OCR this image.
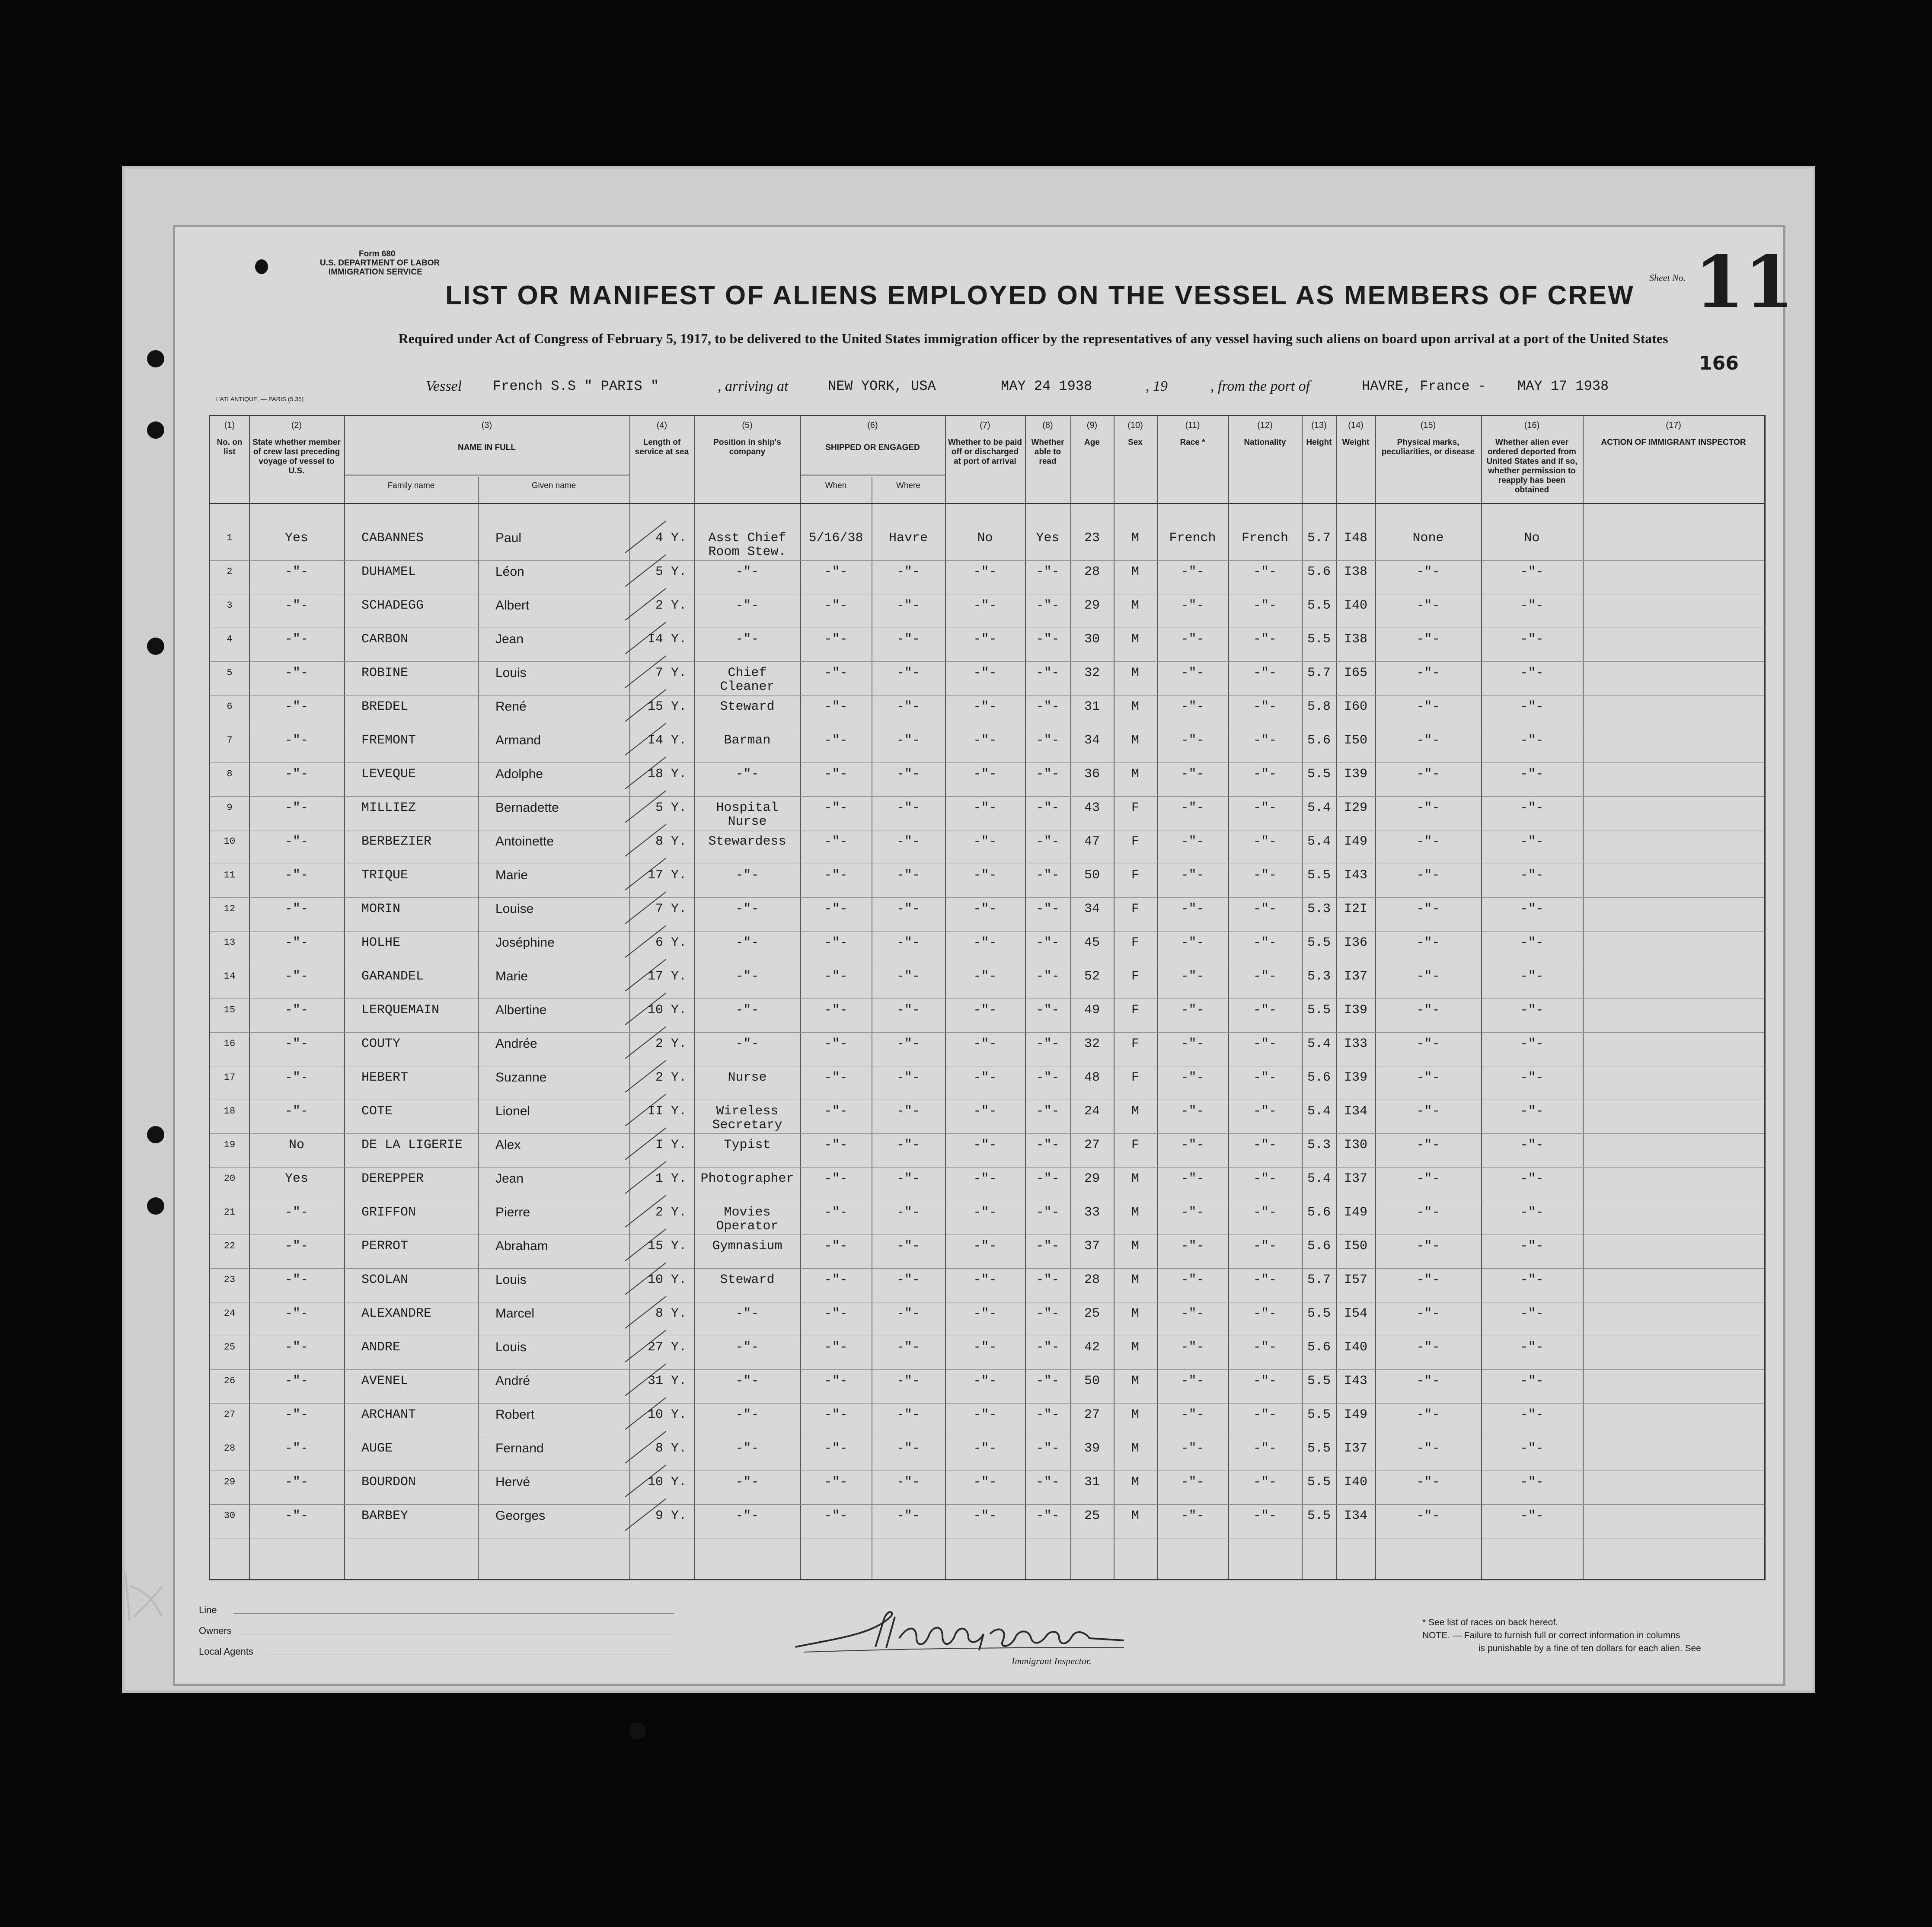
Form 680
U.S. DEPARTMENT OF LABOR
IMMIGRATION SERVICE
LIST OR MANIFEST OF ALIENS EMPLOYED ON THE VESSEL AS MEMBERS OF CREW
Required under Act of Congress of February 5, 1917, to be delivered to the United States immigration officer by the representatives of any vessel having such aliens on board upon arrival at a port of the United States
Sheet No. 11
166
Vessel French S.S " PARIS "	, arriving at	NEW YORK, USA	MAY 24 1938	, 19	, from the port of	HAVRE, France - MAY 17 1938
L'ATLANTIQUE. — PARIS (5.35)
(1)
No. on list
(2)
State whether member of crew last preceding voyage of vessel to U.S.
(3)
NAME IN FULL
Family name	Given name
(4)
Length of service at sea
(5)
Position in ship's company
(6)
SHIPPED OR ENGAGED
When	Where
(7)
Whether to be paid off or discharged at port of arrival
(8)
Whether able to read
(9)
Age
(10)
Sex
(11)
Race *
(12)
Nationality
(13)
Height
(14)
Weight
(15)
Physical marks, peculiarities, or disease
(16)
Whether alien ever ordered deported from United States and if so, whether permission to reapply has been obtained
(17)
ACTION OF IMMIGRANT INSPECTOR
1	Yes	CABANNES	Paul	4 Y.	Asst Chief	5/16/38	Havre	No	Yes	23	M	French	French	5.7	I48	None	No
Room Stew.
2	-"-	DUHAMEL	Léon	5 Y.	-"-	-"-	-"-	-"-	-"-	28	M	-"-	-"-	5.6	I38	-"-	-"-
3	-"-	SCHADEGG	Albert	2 Y.	-"-	-"-	-"-	-"-	-"-	29	M	-"-	-"-	5.5	I40	-"-	-"-
4	-"-	CARBON	Jean	I4 Y.	-"-	-"-	-"-	-"-	-"-	30	M	-"-	-"-	5.5	I38	-"-	-"-
5	-"-	ROBINE	Louis	7 Y.	Chief	-"-	-"-	-"-	-"-	32	M	-"-	-"-	5.7	I65	-"-	-"-
Cleaner
6	-"-	BREDEL	René	15 Y.	Steward	-"-	-"-	-"-	-"-	31	M	-"-	-"-	5.8	I60	-"-	-"-
7	-"-	FREMONT	Armand	I4 Y.	Barman	-"-	-"-	-"-	-"-	34	M	-"-	-"-	5.6	I50	-"-	-"-
8	-"-	LEVEQUE	Adolphe	18 Y.	-"-	-"-	-"-	-"-	-"-	36	M	-"-	-"-	5.5	I39	-"-	-"-
9	-"-	MILLIEZ	Bernadette	5 Y.	Hospital	-"-	-"-	-"-	-"-	43	F	-"-	-"-	5.4	I29	-"-	-"-
Nurse
10	-"-	BERBEZIER	Antoinette	8 Y.	Stewardess	-"-	-"-	-"-	-"-	47	F	-"-	-"-	5.4	I49	-"-	-"-
11	-"-	TRIQUE	Marie	17 Y.	-"-	-"-	-"-	-"-	-"-	50	F	-"-	-"-	5.5	I43	-"-	-"-
12	-"-	MORIN	Louise	7 Y.	-"-	-"-	-"-	-"-	-"-	34	F	-"-	-"-	5.3	I2I	-"-	-"-
13	-"-	HOLHE	Joséphine	6 Y.	-"-	-"-	-"-	-"-	-"-	45	F	-"-	-"-	5.5	I36	-"-	-"-
14	-"-	GARANDEL	Marie	17 Y.	-"-	-"-	-"-	-"-	-"-	52	F	-"-	-"-	5.3	I37	-"-	-"-
15	-"-	LERQUEMAIN	Albertine	10 Y.	-"-	-"-	-"-	-"-	-"-	49	F	-"-	-"-	5.5	I39	-"-	-"-
16	-"-	COUTY	Andrée	2 Y.	-"-	-"-	-"-	-"-	-"-	32	F	-"-	-"-	5.4	I33	-"-	-"-
17	-"-	HEBERT	Suzanne	2 Y.	Nurse	-"-	-"-	-"-	-"-	48	F	-"-	-"-	5.6	I39	-"-	-"-
18	-"-	COTE	Lionel	II Y.	Wireless	-"-	-"-	-"-	-"-	24	M	-"-	-"-	5.4	I34	-"-	-"-
Secretary
19	No	DE LA LIGERIE	Alex	I Y.	Typist	-"-	-"-	-"-	-"-	27	F	-"-	-"-	5.3	I30	-"-	-"-
20	Yes	DEREPPER	Jean	1 Y.	Photographer	-"-	-"-	-"-	-"-	29	M	-"-	-"-	5.4	I37	-"-	-"-
21	-"-	GRIFFON	Pierre	2 Y.	Movies	-"-	-"-	-"-	-"-	33	M	-"-	-"-	5.6	I49	-"-	-"-
Operator
22	-"-	PERROT	Abraham	15 Y.	Gymnasium	-"-	-"-	-"-	-"-	37	M	-"-	-"-	5.6	I50	-"-	-"-
23	-"-	SCOLAN	Louis	10 Y.	Steward	-"-	-"-	-"-	-"-	28	M	-"-	-"-	5.7	I57	-"-	-"-
24	-"-	ALEXANDRE	Marcel	8 Y.	-"-	-"-	-"-	-"-	-"-	25	M	-"-	-"-	5.5	I54	-"-	-"-
25	-"-	ANDRE	Louis	27 Y.	-"-	-"-	-"-	-"-	-"-	42	M	-"-	-"-	5.6	I40	-"-	-"-
26	-"-	AVENEL	André	31 Y.	-"-	-"-	-"-	-"-	-"-	50	M	-"-	-"-	5.5	I43	-"-	-"-
27	-"-	ARCHANT	Robert	10 Y.	-"-	-"-	-"-	-"-	-"-	27	M	-"-	-"-	5.5	I49	-"-	-"-
28	-"-	AUGE	Fernand	8 Y.	-"-	-"-	-"-	-"-	-"-	39	M	-"-	-"-	5.5	I37	-"-	-"-
29	-"-	BOURDON	Hervé	10 Y.	-"-	-"-	-"-	-"-	-"-	31	M	-"-	-"-	5.5	I40	-"-	-"-
30	-"-	BARBEY	Georges	9 Y.	-"-	-"-	-"-	-"-	-"-	25	M	-"-	-"-	5.5	I34	-"-	-"-
Line
Owners
Local Agents
Immigrant Inspector.
* See list of races on back hereof.
NOTE. — Failure to furnish full or correct information in columns
is punishable by a fine of ten dollars for each alien. See
